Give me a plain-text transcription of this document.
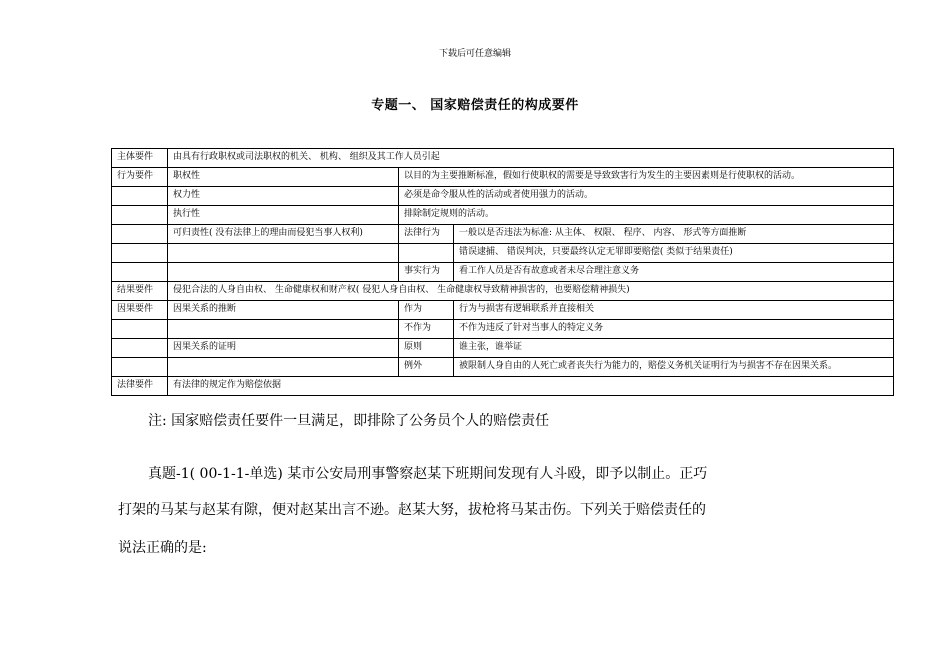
下载后可任意编辑
专题一、 国家赔偿责任的构成要件
主体要件	由具有行政职权或司法职权的机关、 机构、 组织及其工作人员引起		
行为要件	职权性	以目的为主要推断标准，假如行使职权的需要是导致致害行为发生的主要因素则是行使职权的活动。	
	权力性	必须是命令服从性的活动或者使用强力的活动。	
	执行性	排除制定规则的活动。	
	可归责性( 没有法律上的理由而侵犯当事人权利)	法律行为	一般以是否违法为标准: 从主体、 权限、 程序、 内容、 形式等方面推断
			错误逮捕、 错误判决，只要最终认定无罪即要赔偿( 类似于结果责任)
		事实行为	看工作人员是否有故意或者未尽合理注意义务
结果要件	侵犯合法的人身自由权、 生命健康权和财产权( 侵犯人身自由权、 生命健康权导致精神损害的，也要赔偿精神损失)		
因果要件	因果关系的推断	作为	行为与损害有逻辑联系并直接相关
		不作为	不作为违反了针对当事人的特定义务
	因果关系的证明	原则	谁主张，谁举证
		例外	被限制人身自由的人死亡或者丧失行为能力的，赔偿义务机关证明行为与损害不存在因果关系。
法律要件	有法律的规定作为赔偿依据		
注: 国家赔偿责任要件一旦满足，即排除了公务员个人的赔偿责任
真题-1( 00-1-1-单选) 某市公安局刑事警察赵某下班期间发现有人斗殴，即予以制止。正巧
打架的马某与赵某有隙，便对赵某出言不逊。赵某大努，拔枪将马某击伤。下列关于赔偿责任的
说法正确的是:
